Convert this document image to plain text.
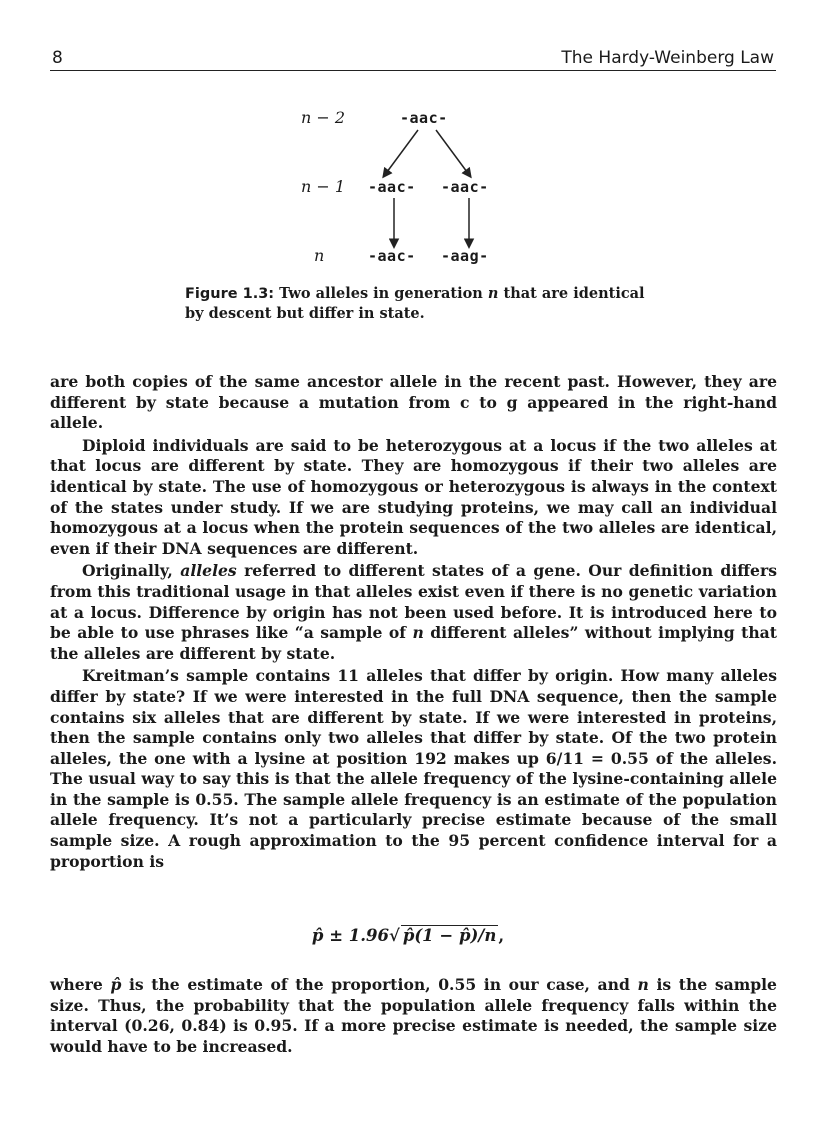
8	The Hardy-Weinberg Law
n − 2	-aac-
n − 1 -aac- -aac-
n	-aac- -aag-
Figure 1.3: Two alleles in generation n that are identical by descent but differ in state.

are both copies of the same ancestor allele in the recent past. However, they are different by state because a mutation from c to g appeared in the right-hand allele.

Diploid individuals are said to be heterozygous at a locus if the two alleles at that locus are different by state. They are homozygous if their two alleles are identical by state. The use of homozygous or heterozygous is always in the context of the states under study. If we are studying proteins, we may call an individual homozygous at a locus when the protein sequences of the two alleles are identical, even if their DNA sequences are different.

Originally, alleles referred to different states of a gene. Our definition differs from this traditional usage in that alleles exist even if there is no genetic variation at a locus. Difference by origin has not been used before. It is introduced here to be able to use phrases like “a sample of n different alleles” without implying that the alleles are different by state.

Kreitman’s sample contains 11 alleles that differ by origin. How many alleles differ by state? If we were interested in the full DNA sequence, then the sample contains six alleles that are different by state. If we were interested in proteins, then the sample contains only two alleles that differ by state. Of the two protein alleles, the one with a lysine at position 192 makes up 6/11 = 0.55 of the alleles. The usual way to say this is that the allele frequency of the lysine-containing allele in the sample is 0.55. The sample allele frequency is an estimate of the population allele frequency. It’s not a particularly precise estimate because of the small sample size. A rough approximation to the 95 percent confidence interval for a proportion is

p̂ ± 1.96√ p̂(1 − p̂)/n ,

where p̂ is the estimate of the proportion, 0.55 in our case, and n is the sample size. Thus, the probability that the population allele frequency falls within the interval (0.26, 0.84) is 0.95. If a more precise estimate is needed, the sample size would have to be increased.
